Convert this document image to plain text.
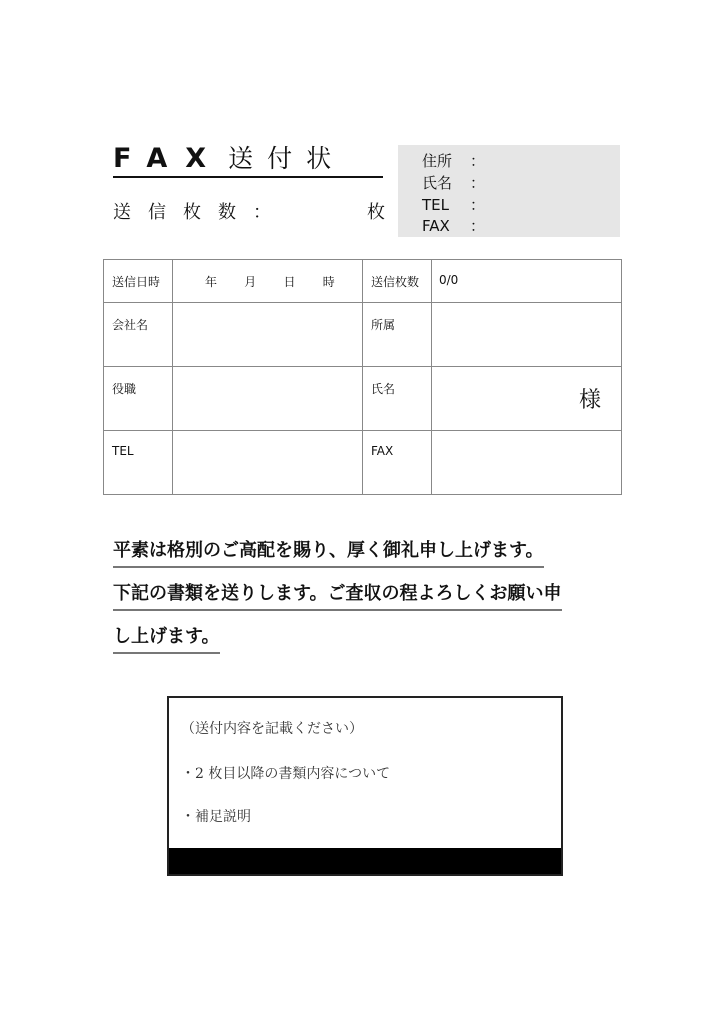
FAX 送付状
送信枚数：	枚
住所	：
氏名	：
TEL	：
FAX	：
送信日時	年 月 日 時	送信枚数	0/0

会社名		所属	

役職		氏名	様

TEL		FAX	

平素は格別のご高配を賜り、厚く御礼申し上げます。
下記の書類を送りします。ご査収の程よろしくお願い申
し上げます。
（送付内容を記載ください）
・2 枚目以降の書類内容について
・補足説明
